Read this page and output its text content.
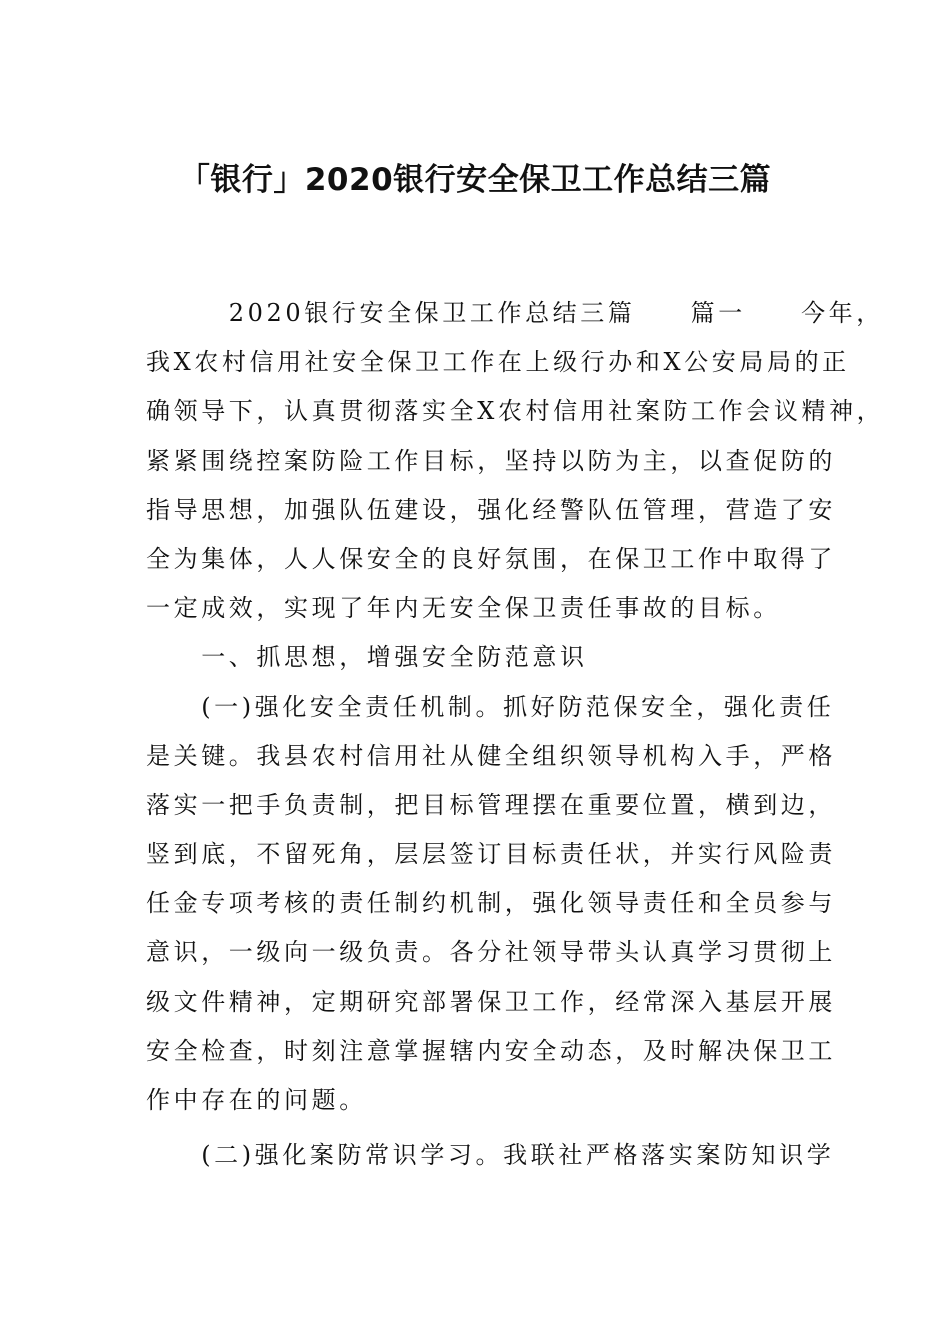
「银行」2020银行安全保卫工作总结三篇
　　　2020银行安全保卫工作总结三篇　　篇一　　今年，
我X农村信用社安全保卫工作在上级行办和X公安局局的正
确领导下，认真贯彻落实全X农村信用社案防工作会议精神，
紧紧围绕控案防险工作目标，坚持以防为主，以查促防的
指导思想，加强队伍建设，强化经警队伍管理，营造了安
全为集体，人人保安全的良好氛围，在保卫工作中取得了
一定成效，实现了年内无安全保卫责任事故的目标。
　　一、抓思想，增强安全防范意识
　　(一)强化安全责任机制。抓好防范保安全，强化责任
是关键。我县农村信用社从健全组织领导机构入手，严格
落实一把手负责制，把目标管理摆在重要位置，横到边，
竖到底，不留死角，层层签订目标责任状，并实行风险责
任金专项考核的责任制约机制，强化领导责任和全员参与
意识，一级向一级负责。各分社领导带头认真学习贯彻上
级文件精神，定期研究部署保卫工作，经常深入基层开展
安全检查，时刻注意掌握辖内安全动态，及时解决保卫工
作中存在的问题。
　　(二)强化案防常识学习。我联社严格落实案防知识学
